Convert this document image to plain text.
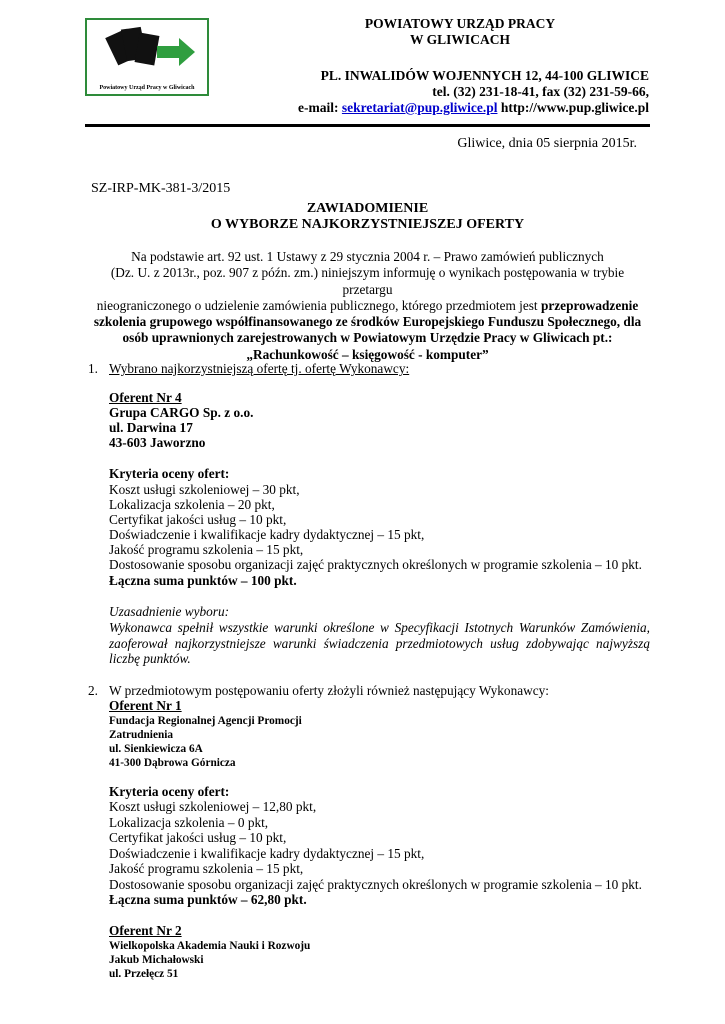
Powiatowy Urząd Pracy w Gliwicach
POWIATOWY URZĄD PRACY
W GLIWICACH
PL. INWALIDÓW WOJENNYCH 12, 44-100 GLIWICE
tel. (32) 231-18-41, fax (32) 231-59-66,
e-mail: sekretariat@pup.gliwice.pl http://www.pup.gliwice.pl
Gliwice, dnia 05 sierpnia 2015r.
SZ-IRP-MK-381-3/2015
ZAWIADOMIENIE
O WYBORZE NAJKORZYSTNIEJSZEJ OFERTY
Na podstawie art. 92 ust. 1 Ustawy z 29 stycznia 2004 r. – Prawo zamówień publicznych
(Dz. U. z 2013r., poz. 907 z późn. zm.) niniejszym informuję o wynikach postępowania w trybie przetargu
nieograniczonego o udzielenie zamówienia publicznego, którego przedmiotem jest przeprowadzenie
szkolenia grupowego współfinansowanego ze środków Europejskiego Funduszu Społecznego, dla
osób uprawnionych zarejestrowanych w Powiatowym Urzędzie Pracy w Gliwicach pt.:
„Rachunkowość – księgowość - komputer”
1. Wybrano najkorzystniejszą ofertę tj. ofertę Wykonawcy:
Oferent Nr 4
Grupa CARGO Sp. z o.o.
ul. Darwina 17
43-603 Jaworzno
Kryteria oceny ofert:
Koszt usługi szkoleniowej – 30 pkt,
Lokalizacja szkolenia – 20 pkt,
Certyfikat jakości usług – 10 pkt,
Doświadczenie i kwalifikacje kadry dydaktycznej – 15 pkt,
Jakość programu szkolenia – 15 pkt,
Dostosowanie sposobu organizacji zajęć praktycznych określonych w programie szkolenia – 10 pkt.
Łączna suma punktów – 100 pkt.
Uzasadnienie wyboru:
Wykonawca spełnił wszystkie warunki określone w Specyfikacji Istotnych Warunków Zamówienia, zaoferował najkorzystniejsze warunki świadczenia przedmiotowych usług zdobywając najwyższą liczbę punktów.
2. W przedmiotowym postępowaniu oferty złożyli również następujący Wykonawcy:
Oferent Nr 1
Fundacja Regionalnej Agencji Promocji
Zatrudnienia
ul. Sienkiewicza 6A
41-300 Dąbrowa Górnicza
Kryteria oceny ofert:
Koszt usługi szkoleniowej – 12,80 pkt,
Lokalizacja szkolenia – 0 pkt,
Certyfikat jakości usług – 10 pkt,
Doświadczenie i kwalifikacje kadry dydaktycznej – 15 pkt,
Jakość programu szkolenia – 15 pkt,
Dostosowanie sposobu organizacji zajęć praktycznych określonych w programie szkolenia – 10 pkt.
Łączna suma punktów – 62,80 pkt.
Oferent Nr 2
Wielkopolska Akademia Nauki i Rozwoju
Jakub Michałowski
ul. Przełęcz 51
